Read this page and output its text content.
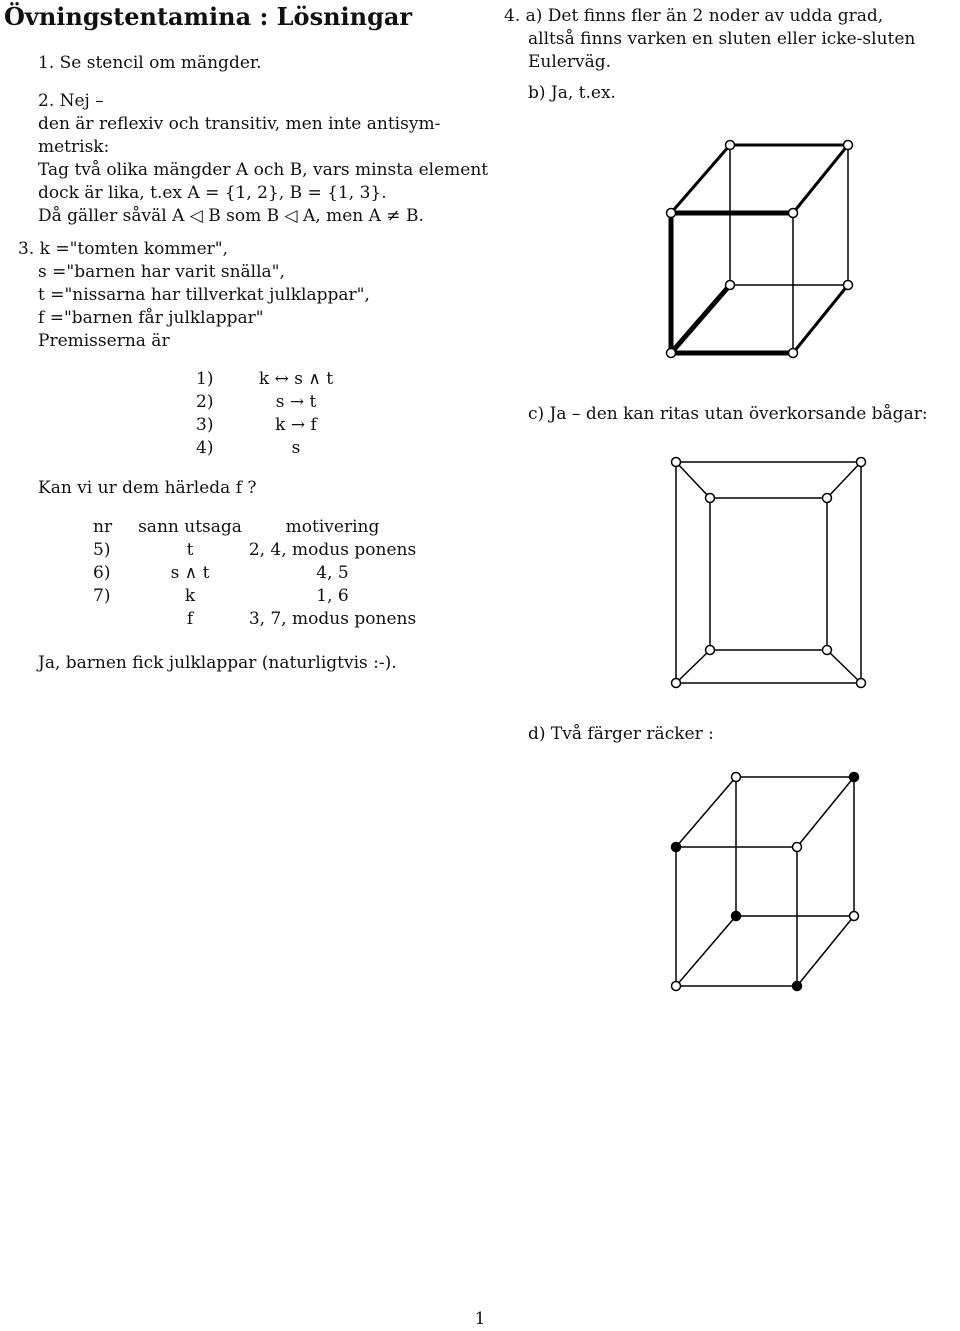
Övningstentamina : Lösningar
1. Se stencil om mängder.
2. Nej –
den är reflexiv och transitiv, men inte antisym-
metrisk:
Tag två olika mängder A och B, vars minsta element
dock är lika, t.ex A = {1, 2}, B = {1, 3}.
Då gäller såväl A ◁ B som B ◁ A, men A ≠ B.
3. k ="tomten kommer",
s ="barnen har varit snälla",
t ="nissarna har tillverkat julklappar",
f ="barnen får julklappar"
Premisserna är
1)	k ↔ s ∧ t
2)	s → t
3)	k → f
4)	s
Kan vi ur dem härleda f ?
nr	sann utsaga	motivering
5)	t	2, 4, modus ponens
6)	s ∧ t	4, 5
7)	k	1, 6
	f	3, 7, modus ponens
Ja, barnen fick julklappar (naturligtvis :-).
4. a) Det finns fler än 2 noder av udda grad,
alltså finns varken en sluten eller icke-sluten
Eulerväg.
b) Ja, t.ex.
c) Ja – den kan ritas utan överkorsande bågar:
d) Två färger räcker :
1
